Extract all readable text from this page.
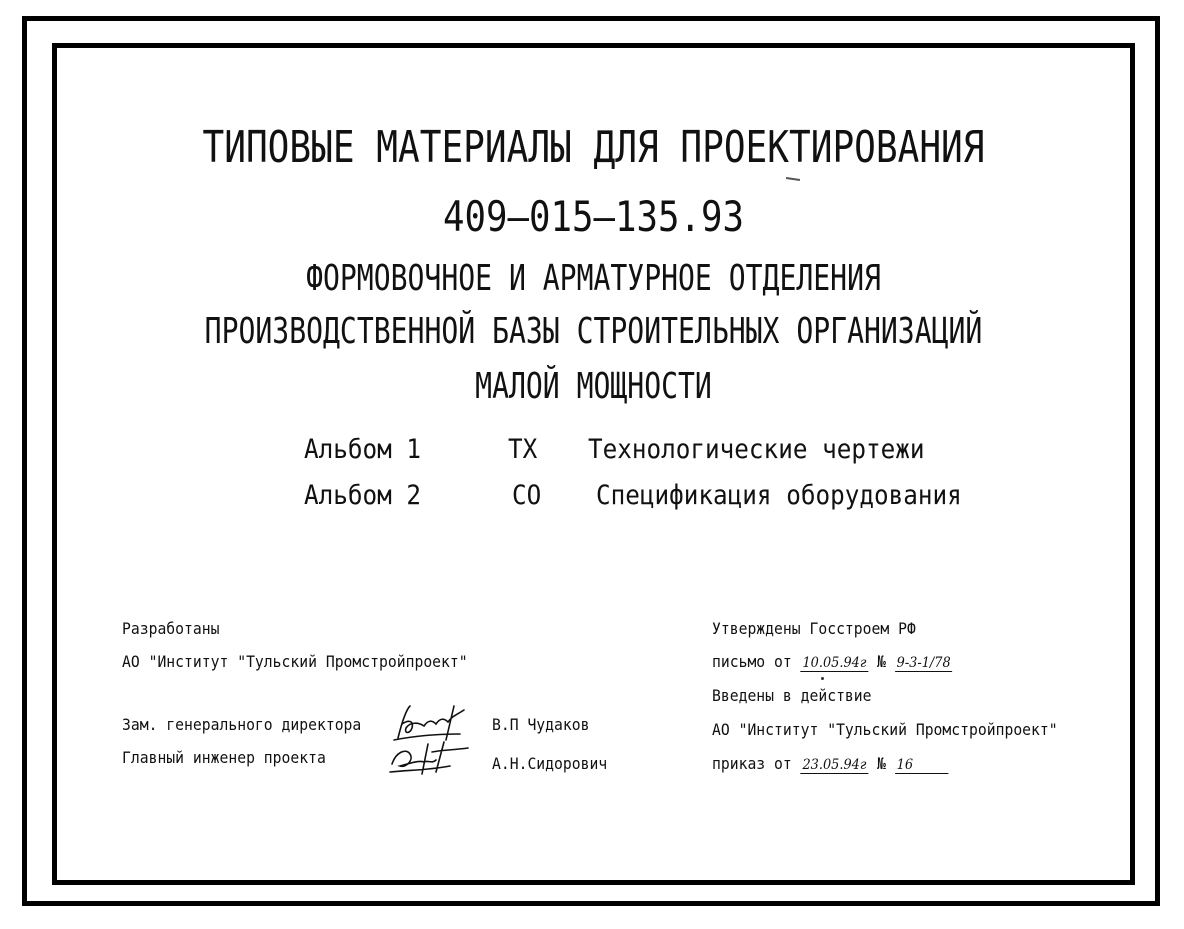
ТИПОВЫЕ МАТЕРИАЛЫ ДЛЯ ПРОЕКТИРОВАНИЯ
409–015–135.93
ФОРМОВОЧНОЕ И АРМАТУРНОЕ ОТДЕЛЕНИЯ
ПРОИЗВОДСТВЕННОЙ БАЗЫ СТРОИТЕЛЬНЫХ ОРГАНИЗАЦИЙ
МАЛОЙ МОЩНОСТИ
Альбом 1	ТХ Технологические чертежи
Альбом 2	СО Спецификация оборудования
Разработаны
АО "Институт "Тульский Промстройпроект"
Зам. генерального директора
Главный инженер проекта
В.П Чудаков
А.Н.Сидорович
Утверждены Госстроем РФ
письмо от 10.05.94г № 9-3-1/78
Введены в действие
АО "Институт "Тульский Промстройпроект"
приказ от 23.05.94г № 16
